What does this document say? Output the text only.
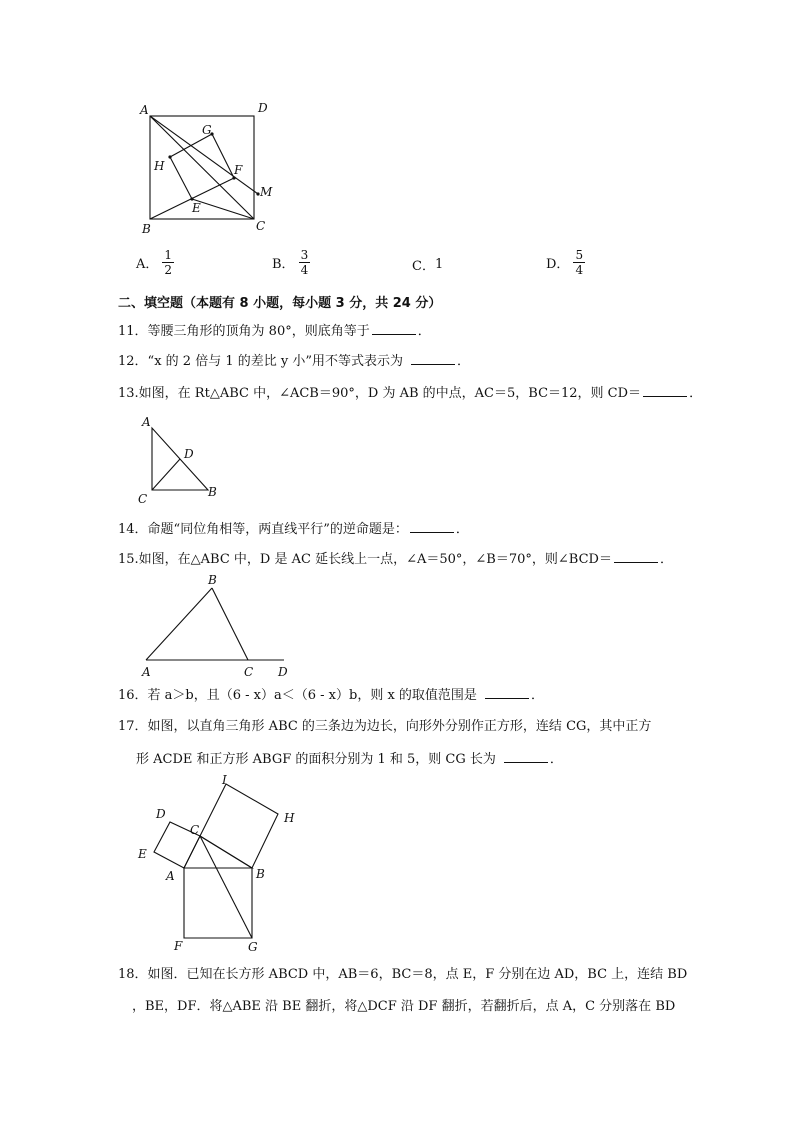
A	D
G
H	F
M
E
B	C
A． $\frac{1}{2}$	B． $\frac{3}{4}$	C． 1	D． $\frac{5}{4}$
二、填空题（本题有 8 小题，每小题 3 分，共 24 分）
11．等腰三角形的顶角为 80°，则底角等于	．
12．“x 的 2 倍与 1 的差比 y 小”用不等式表示为	．
13.如图，在 Rt△ABC 中，∠ACB＝90°，D 为 AB 的中点，AC＝5，BC＝12，则 CD＝	．
A
D
C	B
14．命题“同位角相等，两直线平行”的逆命题是：	．
15.如图，在△ABC 中，D 是 AC 延长线上一点，∠A＝50°，∠B＝70°，则∠BCD＝	．
B
A	C D
16．若 a＞b，且（6 - x）a＜（6 - x）b，则 x 的取值范围是	．
17．如图，以直角三角形 ABC 的三条边为边长，向形外分别作正方形，连结 CG，其中正方
形 ACDE 和正方形 ABGF 的面积分别为 1 和 5，则 CG 长为	．
I
D
C
H
E
A	B
F	G
18．如图．已知在长方形 ABCD 中，AB＝6，BC＝8，点 E，F 分别在边 AD，BC 上，连结 BD
，BE，DF．将△ABE 沿 BE 翻折，将△DCF 沿 DF 翻折，若翻折后，点 A，C 分别落在 BD
